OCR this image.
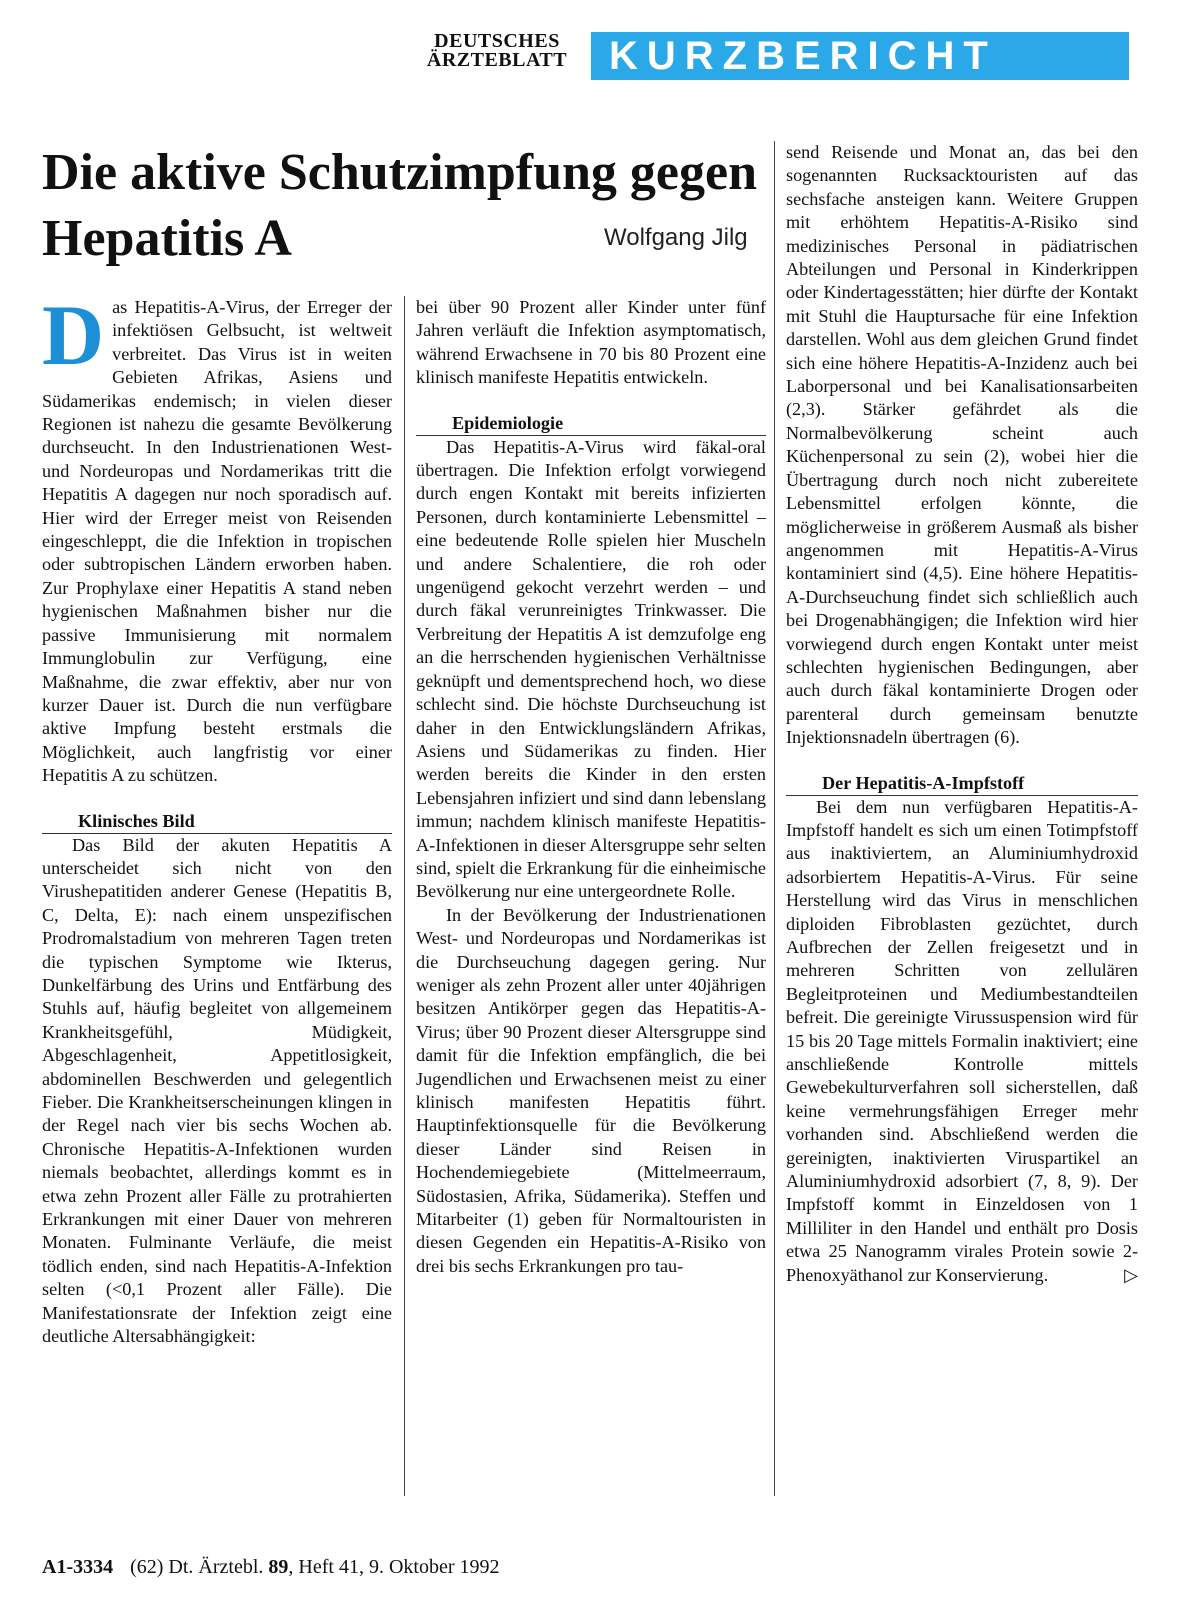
DEUTSCHES
ÄRZTEBLATT	KURZBERICHT
Die aktive Schutzimpfung gegen Hepatitis A	Wolfgang Jilg

Das Hepatitis-A-Virus, der Erreger der infektiösen Gelbsucht, ist weltweit verbreitet. Das Virus ist in weiten Gebieten Afrikas, Asiens und Südamerikas endemisch; in vielen dieser Regionen ist nahezu die gesamte Bevölkerung durchseucht. In den Industrienationen West- und Nordeuropas und Nordamerikas tritt die Hepatitis A dagegen nur noch sporadisch auf. Hier wird der Erreger meist von Reisenden eingeschleppt, die die Infektion in tropischen oder subtropischen Ländern erworben haben. Zur Prophylaxe einer Hepatitis A stand neben hygienischen Maßnahmen bisher nur die passive Immunisierung mit normalem Immunglobulin zur Verfügung, eine Maßnahme, die zwar effektiv, aber nur von kurzer Dauer ist. Durch die nun verfügbare aktive Impfung besteht erstmals die Möglichkeit, auch langfristig vor einer Hepatitis A zu schützen.

Klinisches Bild

Das Bild der akuten Hepatitis A unterscheidet sich nicht von den Virushepatitiden anderer Genese (Hepatitis B, C, Delta, E): nach einem unspezifischen Prodromalstadium von mehreren Tagen treten die typischen Symptome wie Ikterus, Dunkelfärbung des Urins und Entfärbung des Stuhls auf, häufig begleitet von allgemeinem Krankheitsgefühl, Müdigkeit, Abgeschlagenheit, Appetitlosigkeit, abdominellen Beschwerden und gelegentlich Fieber. Die Krankheitserscheinungen klingen in der Regel nach vier bis sechs Wochen ab. Chronische Hepatitis-A-Infektionen wurden niemals beobachtet, allerdings kommt es in etwa zehn Prozent aller Fälle zu protrahierten Erkrankungen mit einer Dauer von mehreren Monaten. Fulminante Verläufe, die meist tödlich enden, sind nach Hepatitis-A-Infektion selten (<0,1 Prozent aller Fälle). Die Manifestationsrate der Infektion zeigt eine deutliche Altersabhängigkeit:

bei über 90 Prozent aller Kinder unter fünf Jahren verläuft die Infektion asymptomatisch, während Erwachsene in 70 bis 80 Prozent eine klinisch manifeste Hepatitis entwickeln.

Epidemiologie

Das Hepatitis-A-Virus wird fäkal-oral übertragen. Die Infektion erfolgt vorwiegend durch engen Kontakt mit bereits infizierten Personen, durch kontaminierte Lebensmittel – eine bedeutende Rolle spielen hier Muscheln und andere Schalentiere, die roh oder ungenügend gekocht verzehrt werden – und durch fäkal verunreinigtes Trinkwasser. Die Verbreitung der Hepatitis A ist demzufolge eng an die herrschenden hygienischen Verhältnisse geknüpft und dementsprechend hoch, wo diese schlecht sind. Die höchste Durchseuchung ist daher in den Entwicklungsländern Afrikas, Asiens und Südamerikas zu finden. Hier werden bereits die Kinder in den ersten Lebensjahren infiziert und sind dann lebenslang immun; nachdem klinisch manifeste Hepatitis-A-Infektionen in dieser Altersgruppe sehr selten sind, spielt die Erkrankung für die einheimische Bevölkerung nur eine untergeordnete Rolle.

In der Bevölkerung der Industrienationen West- und Nordeuropas und Nordamerikas ist die Durchseuchung dagegen gering. Nur weniger als zehn Prozent aller unter 40jährigen besitzen Antikörper gegen das Hepatitis-A-Virus; über 90 Prozent dieser Altersgruppe sind damit für die Infektion empfänglich, die bei Jugendlichen und Erwachsenen meist zu einer klinisch manifesten Hepatitis führt. Hauptinfektionsquelle für die Bevölkerung dieser Länder sind Reisen in Hochendemiegebiete (Mittelmeerraum, Südostasien, Afrika, Südamerika). Steffen und Mitarbeiter (1) geben für Normaltouristen in diesen Gegenden ein Hepatitis-A-Risiko von drei bis sechs Erkrankungen pro tau-

send Reisende und Monat an, das bei den sogenannten Rucksacktouristen auf das sechsfache ansteigen kann. Weitere Gruppen mit erhöhtem Hepatitis-A-Risiko sind medizinisches Personal in pädiatrischen Abteilungen und Personal in Kinderkrippen oder Kindertagesstätten; hier dürfte der Kontakt mit Stuhl die Hauptursache für eine Infektion darstellen. Wohl aus dem gleichen Grund findet sich eine höhere Hepatitis-A-Inzidenz auch bei Laborpersonal und bei Kanalisationsarbeiten (2,3). Stärker gefährdet als die Normalbevölkerung scheint auch Küchenpersonal zu sein (2), wobei hier die Übertragung durch noch nicht zubereitete Lebensmittel erfolgen könnte, die möglicherweise in größerem Ausmaß als bisher angenommen mit Hepatitis-A-Virus kontaminiert sind (4,5). Eine höhere Hepatitis-A-Durchseuchung findet sich schließlich auch bei Drogenabhängigen; die Infektion wird hier vorwiegend durch engen Kontakt unter meist schlechten hygienischen Bedingungen, aber auch durch fäkal kontaminierte Drogen oder parenteral durch gemeinsam benutzte Injektionsnadeln übertragen (6).

Der Hepatitis-A-Impfstoff

Bei dem nun verfügbaren Hepatitis-A-Impfstoff handelt es sich um einen Totimpfstoff aus inaktiviertem, an Aluminiumhydroxid adsorbiertem Hepatitis-A-Virus. Für seine Herstellung wird das Virus in menschlichen diploiden Fibroblasten gezüchtet, durch Aufbrechen der Zellen freigesetzt und in mehreren Schritten von zellulären Begleitproteinen und Mediumbestandteilen befreit. Die gereinigte Virussuspension wird für 15 bis 20 Tage mittels Formalin inaktiviert; eine anschließende Kontrolle mittels Gewebekulturverfahren soll sicherstellen, daß keine vermehrungsfähigen Erreger mehr vorhanden sind. Abschließend werden die gereinigten, inaktivierten Viruspartikel an Aluminiumhydroxid adsorbiert (7, 8, 9). Der Impfstoff kommt in Einzeldosen von 1 Milliliter in den Handel und enthält pro Dosis etwa 25 Nanogramm virales Protein sowie 2-Phenoxyäthanol zur Konservierung.	▷

A1-3334 (62) Dt. Ärztebl. 89, Heft 41, 9. Oktober 1992
